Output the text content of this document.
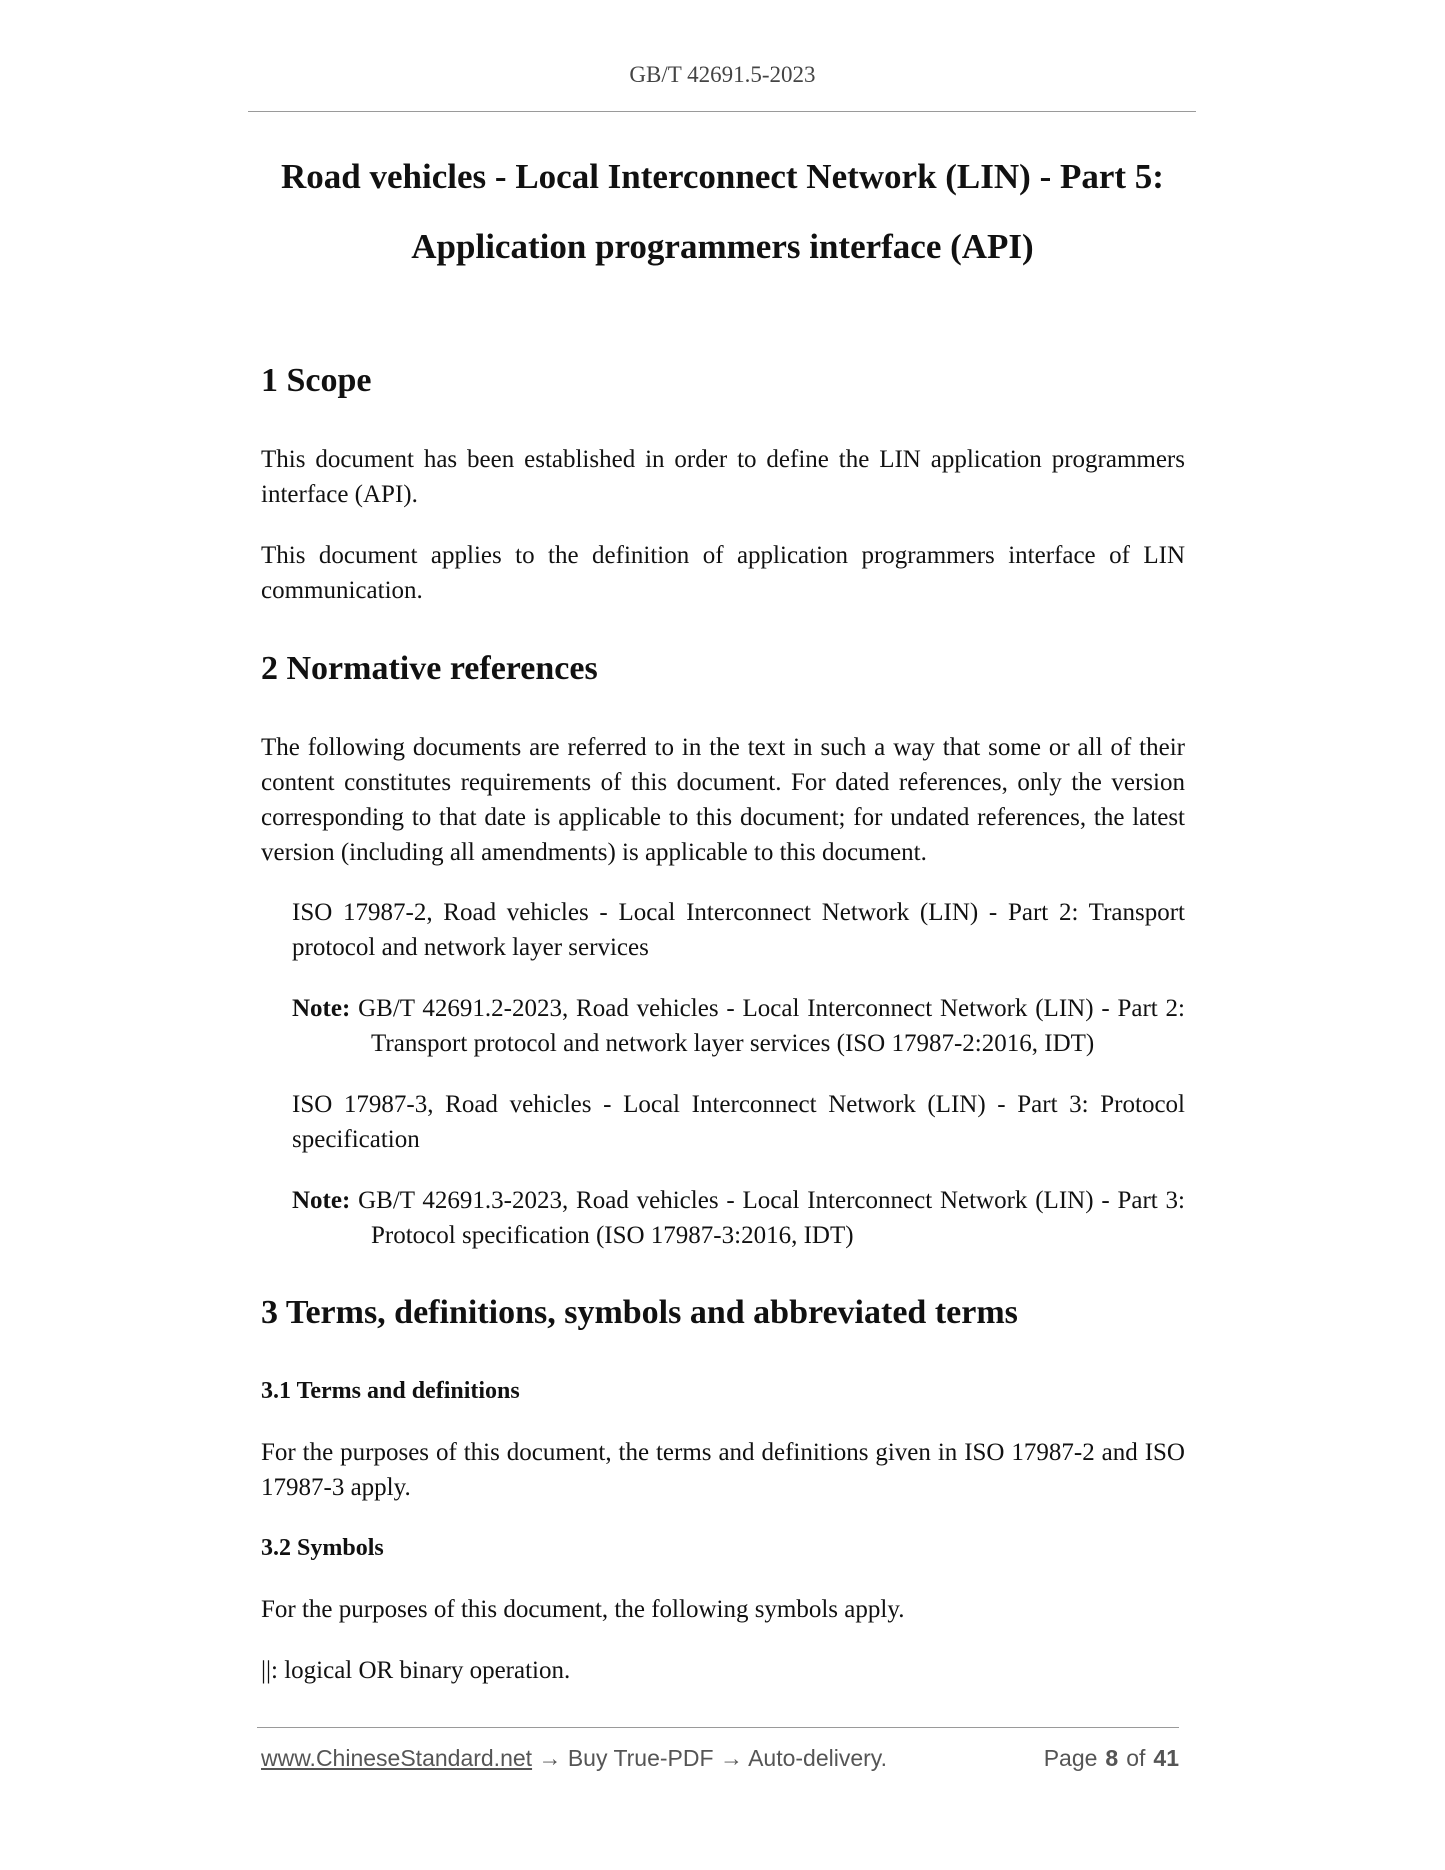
GB/T 42691.5-2023
Road vehicles - Local Interconnect Network (LIN) - Part 5:
Application programmers interface (API)
1 Scope
This document has been established in order to define the LIN application programmers interface (API).
This document applies to the definition of application programmers interface of LIN communication.
2 Normative references
The following documents are referred to in the text in such a way that some or all of their content constitutes requirements of this document. For dated references, only the version corresponding to that date is applicable to this document; for undated references, the latest version (including all amendments) is applicable to this document.
ISO 17987-2, Road vehicles - Local Interconnect Network (LIN) - Part 2: Transport protocol and network layer services
Note: GB/T 42691.2-2023, Road vehicles - Local Interconnect Network (LIN) - Part 2: Transport protocol and network layer services (ISO 17987-2:2016, IDT)
ISO 17987-3, Road vehicles - Local Interconnect Network (LIN) - Part 3: Protocol specification
Note: GB/T 42691.3-2023, Road vehicles - Local Interconnect Network (LIN) - Part 3: Protocol specification (ISO 17987-3:2016, IDT)
3 Terms, definitions, symbols and abbreviated terms
3.1 Terms and definitions
For the purposes of this document, the terms and definitions given in ISO 17987-2 and ISO 17987-3 apply.
3.2 Symbols
For the purposes of this document, the following symbols apply.
||: logical OR binary operation.
www.ChineseStandard.net → Buy True-PDF → Auto-delivery.	Page 8 of 41
